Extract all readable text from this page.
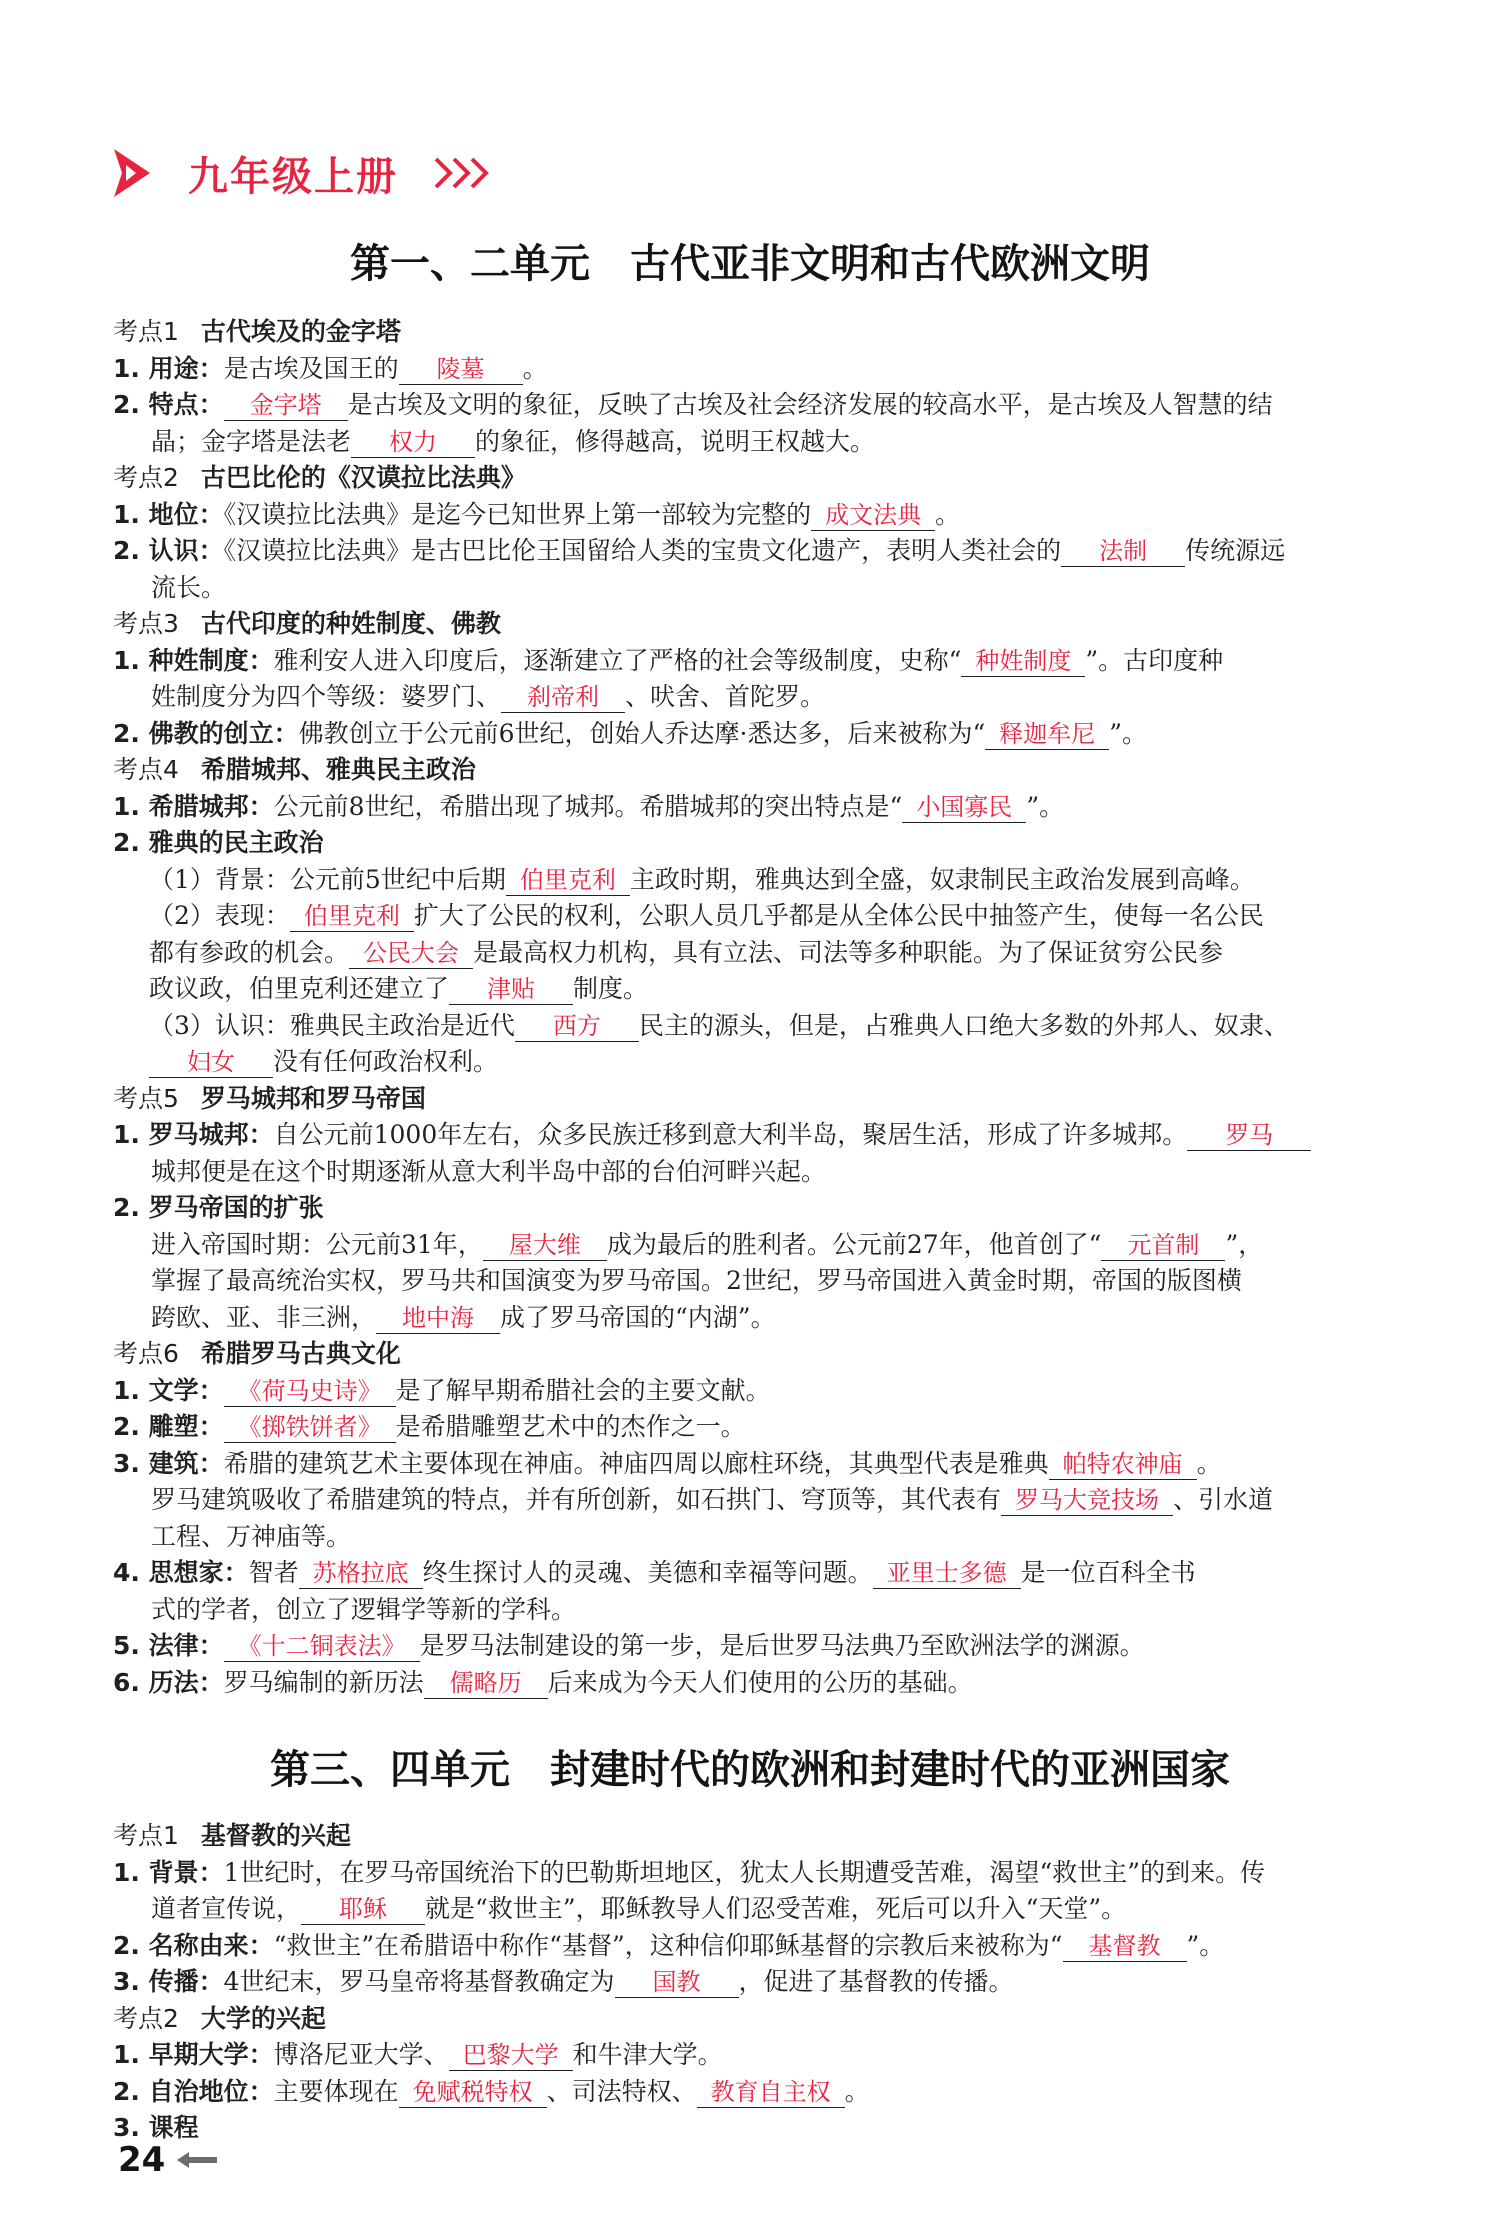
九年级上册
第一、二单元 古代亚非文明和古代欧洲文明
考点1 古代埃及的金字塔
1. 用途：是古埃及国王的 陵墓 。
2. 特点： 金字塔 是古埃及文明的象征，反映了古埃及社会经济发展的较高水平，是古埃及人智慧的结
晶；金字塔是法老 权力 的象征，修得越高，说明王权越大。
考点2 古巴比伦的《汉谟拉比法典》
1. 地位：《汉谟拉比法典》是迄今已知世界上第一部较为完整的 成文法典 。
2. 认识：《汉谟拉比法典》是古巴比伦王国留给人类的宝贵文化遗产，表明人类社会的 法制 传统源远
流长。
考点3 古代印度的种姓制度、佛教
1. 种姓制度：雅利安人进入印度后，逐渐建立了严格的社会等级制度，史称“ 种姓制度 ”。古印度种
姓制度分为四个等级：婆罗门、 刹帝利 、吠舍、首陀罗。
2. 佛教的创立：佛教创立于公元前6世纪，创始人乔达摩·悉达多，后来被称为“ 释迦牟尼 ”。
考点4 希腊城邦、雅典民主政治
1. 希腊城邦：公元前8世纪，希腊出现了城邦。希腊城邦的突出特点是“ 小国寡民 ”。
2. 雅典的民主政治
（1）背景：公元前5世纪中后期 伯里克利 主政时期，雅典达到全盛，奴隶制民主政治发展到高峰。
（2）表现： 伯里克利 扩大了公民的权利，公职人员几乎都是从全体公民中抽签产生，使每一名公民
都有参政的机会。 公民大会 是最高权力机构，具有立法、司法等多种职能。为了保证贫穷公民参
政议政，伯里克利还建立了 津贴 制度。
（3）认识：雅典民主政治是近代 西方 民主的源头，但是，占雅典人口绝大多数的外邦人、奴隶、
妇女 没有任何政治权利。
考点5 罗马城邦和罗马帝国
1. 罗马城邦：自公元前1000年左右，众多民族迁移到意大利半岛，聚居生活，形成了许多城邦。 罗马
城邦便是在这个时期逐渐从意大利半岛中部的台伯河畔兴起。
2. 罗马帝国的扩张
进入帝国时期：公元前31年， 屋大维 成为最后的胜利者。公元前27年，他首创了“ 元首制 ”，
掌握了最高统治实权，罗马共和国演变为罗马帝国。2世纪，罗马帝国进入黄金时期，帝国的版图横
跨欧、亚、非三洲， 地中海 成了罗马帝国的“内湖”。
考点6 希腊罗马古典文化
1. 文学： 《荷马史诗》 是了解早期希腊社会的主要文献。
2. 雕塑： 《掷铁饼者》 是希腊雕塑艺术中的杰作之一。
3. 建筑：希腊的建筑艺术主要体现在神庙。神庙四周以廊柱环绕，其典型代表是雅典 帕特农神庙 。
罗马建筑吸收了希腊建筑的特点，并有所创新，如石拱门、穹顶等，其代表有 罗马大竞技场 、引水道
工程、万神庙等。
4. 思想家：智者 苏格拉底 终生探讨人的灵魂、美德和幸福等问题。 亚里士多德 是一位百科全书
式的学者，创立了逻辑学等新的学科。
5. 法律： 《十二铜表法》 是罗马法制建设的第一步，是后世罗马法典乃至欧洲法学的渊源。
6. 历法：罗马编制的新历法 儒略历 后来成为今天人们使用的公历的基础。
第三、四单元 封建时代的欧洲和封建时代的亚洲国家
考点1 基督教的兴起
1. 背景：1世纪时，在罗马帝国统治下的巴勒斯坦地区，犹太人长期遭受苦难，渴望“救世主”的到来。传
道者宣传说， 耶稣 就是“救世主”，耶稣教导人们忍受苦难，死后可以升入“天堂”。
2. 名称由来：“救世主”在希腊语中称作“基督”，这种信仰耶稣基督的宗教后来被称为“ 基督教 ”。
3. 传播：4世纪末，罗马皇帝将基督教确定为 国教 ，促进了基督教的传播。
考点2 大学的兴起
1. 早期大学：博洛尼亚大学、 巴黎大学 和牛津大学。
2. 自治地位：主要体现在 免赋税特权 、司法特权、 教育自主权 。
3. 课程
24
